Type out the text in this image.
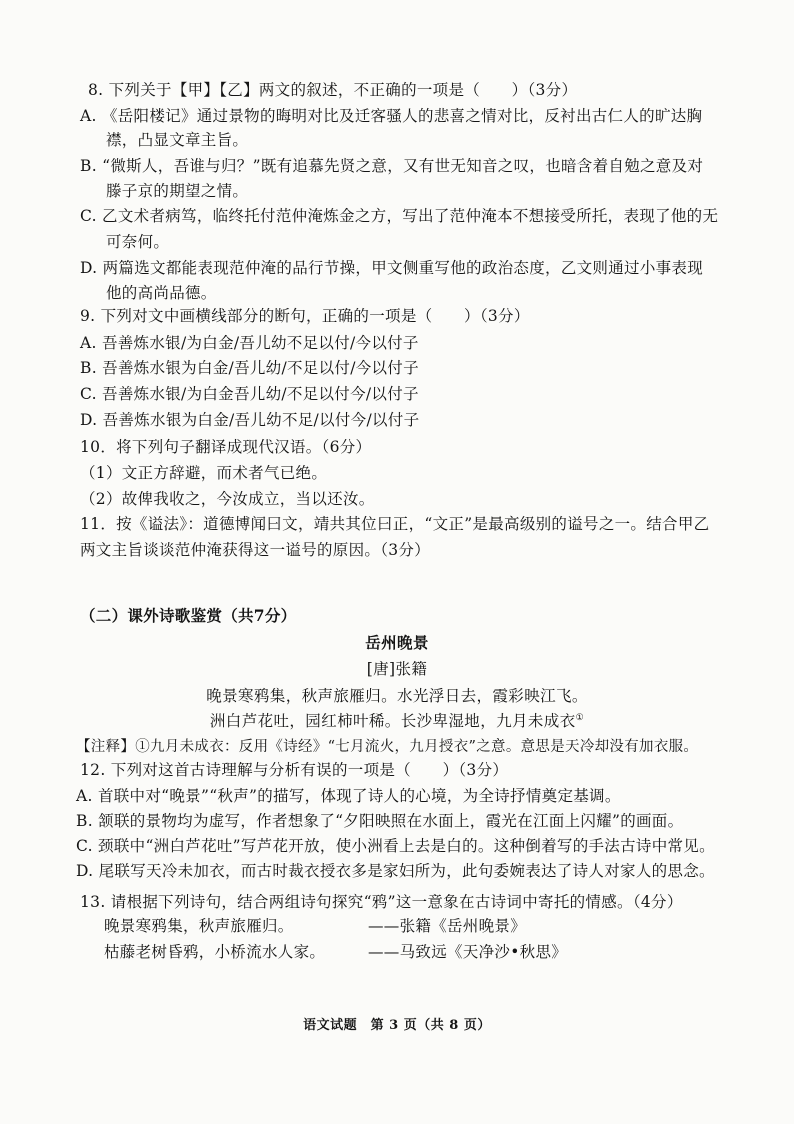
8. 下列关于【甲】【乙】两文的叙述，不正确的一项是（　　）（3分）
A. 《岳阳楼记》通过景物的晦明对比及迁客骚人的悲喜之情对比，反衬出古仁人的旷达胸
襟，凸显文章主旨。
B. “微斯人，吾谁与归？”既有追慕先贤之意，又有世无知音之叹，也暗含着自勉之意及对
滕子京的期望之情。
C. 乙文术者病笃，临终托付范仲淹炼金之方，写出了范仲淹本不想接受所托，表现了他的无
可奈何。
D. 两篇选文都能表现范仲淹的品行节操，甲文侧重写他的政治态度，乙文则通过小事表现
他的高尚品德。
9. 下列对文中画横线部分的断句，正确的一项是（　　）（3分）
A. 吾善炼水银/为白金/吾儿幼不足以付/今以付子
B. 吾善炼水银为白金/吾儿幼/不足以付/今以付子
C. 吾善炼水银/为白金吾儿幼/不足以付今/以付子
D. 吾善炼水银为白金/吾儿幼不足/以付今/以付子
10．将下列句子翻译成现代汉语。（6分）
（1）文正方辞避，而术者气已绝。
（2）故俾我收之，今汝成立，当以还汝。
11．按《谥法》：道德博闻曰文，靖共其位曰正，“文正”是最高级别的谥号之一。结合甲乙
两文主旨谈谈范仲淹获得这一谥号的原因。（3分）
（二）课外诗歌鉴赏（共7分）
岳州晚景
[唐]张籍
晚景寒鸦集，秋声旅雁归。水光浮日去，霞彩映江飞。
洲白芦花吐，园红柿叶稀。长沙卑湿地，九月未成衣①
【注释】①九月未成衣：反用《诗经》“七月流火，九月授衣”之意。意思是天冷却没有加衣服。
12. 下列对这首古诗理解与分析有误的一项是（　　）（3分）
A. 首联中对“晚景”“秋声”的描写，体现了诗人的心境，为全诗抒情奠定基调。
B. 颔联的景物均为虚写，作者想象了“夕阳映照在水面上，霞光在江面上闪耀”的画面。
C. 颈联中“洲白芦花吐”写芦花开放，使小洲看上去是白的。这种倒着写的手法古诗中常见。
D. 尾联写天冷未加衣，而古时裁衣授衣多是家妇所为，此句委婉表达了诗人对家人的思念。
13. 请根据下列诗句，结合两组诗句探究“鸦”这一意象在古诗词中寄托的情感。（4分）
晚景寒鸦集，秋声旅雁归。	——张籍《岳州晚景》
枯藤老树昏鸦，小桥流水人家。	——马致远《天净沙•秋思》
语文试题　第 3 页（共 8 页）
